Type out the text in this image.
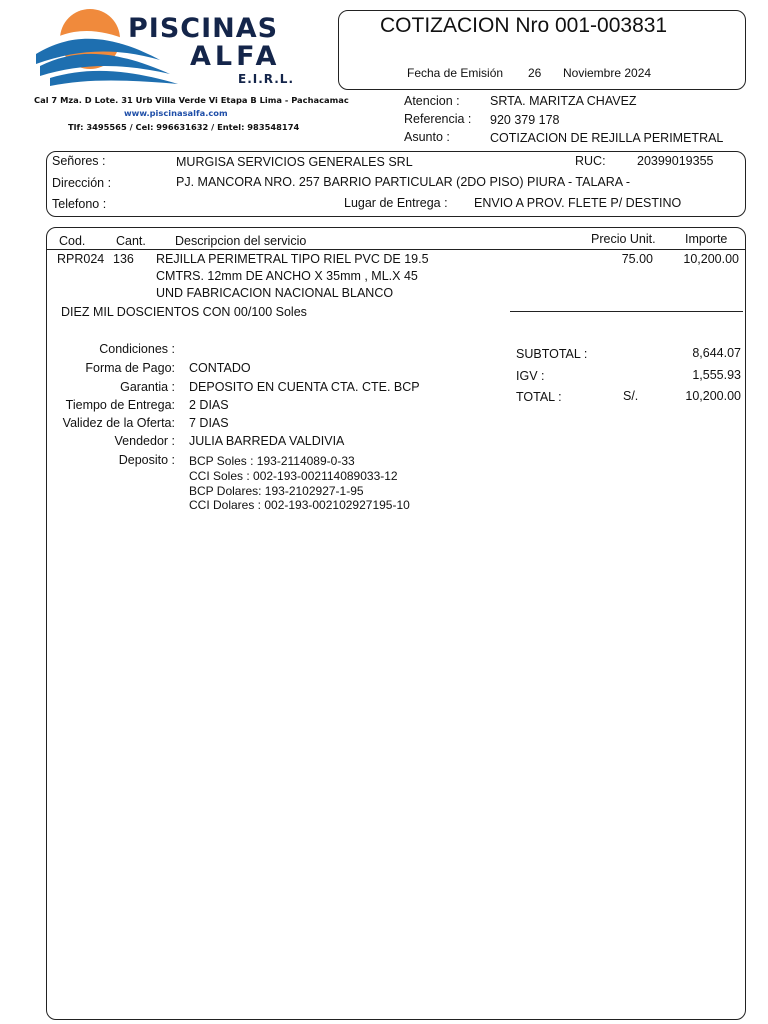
PISCINAS
ALFA
E.I.R.L.
Cal 7 Mza. D Lote. 31 Urb Villa Verde Vi Etapa B Lima - Pachacamac
www.piscinasalfa.com
Tlf: 3495565 / Cel: 996631632 / Entel: 983548174
COTIZACION Nro 001-003831
Fecha de Emisión 26 Noviembre 2024
Atencion : SRTA. MARITZA CHAVEZ
Referencia : 920 379 178
Asunto :	COTIZACION DE REJILLA PERIMETRAL
Señores :	MURGISA SERVICIOS GENERALES SRL	RUC:	20399019355
Dirección :	PJ. MANCORA NRO. 257 BARRIO PARTICULAR (2DO PISO) PIURA - TALARA -
Telefono :	Lugar de Entrega : ENVIO A PROV. FLETE P/ DESTINO
Cod. Cant. Descripcion del servicio	Precio Unit. Importe
RPR024 136 REJILLA PERIMETRAL TIPO RIEL PVC DE 19.5
CMTRS. 12mm DE ANCHO X 35mm , ML.X 45
UND FABRICACION NACIONAL BLANCO
75.00 10,200.00
DIEZ MIL DOSCIENTOS CON 00/100 Soles
Condiciones :
Forma de Pago: CONTADO
Garantia : DEPOSITO EN CUENTA CTA. CTE. BCP
Tiempo de Entrega: 2 DIAS
Validez de la Oferta: 7 DIAS
Vendedor : JULIA BARREDA VALDIVIA
Deposito : BCP Soles : 193-2114089-0-33
CCI Soles : 002-193-002114089033-12
BCP Dolares: 193-2102927-1-95
CCI Dolares : 002-193-002102927195-10
SUBTOTAL :	8,644.07
IGV :	1,555.93
TOTAL :	S/.	10,200.00
